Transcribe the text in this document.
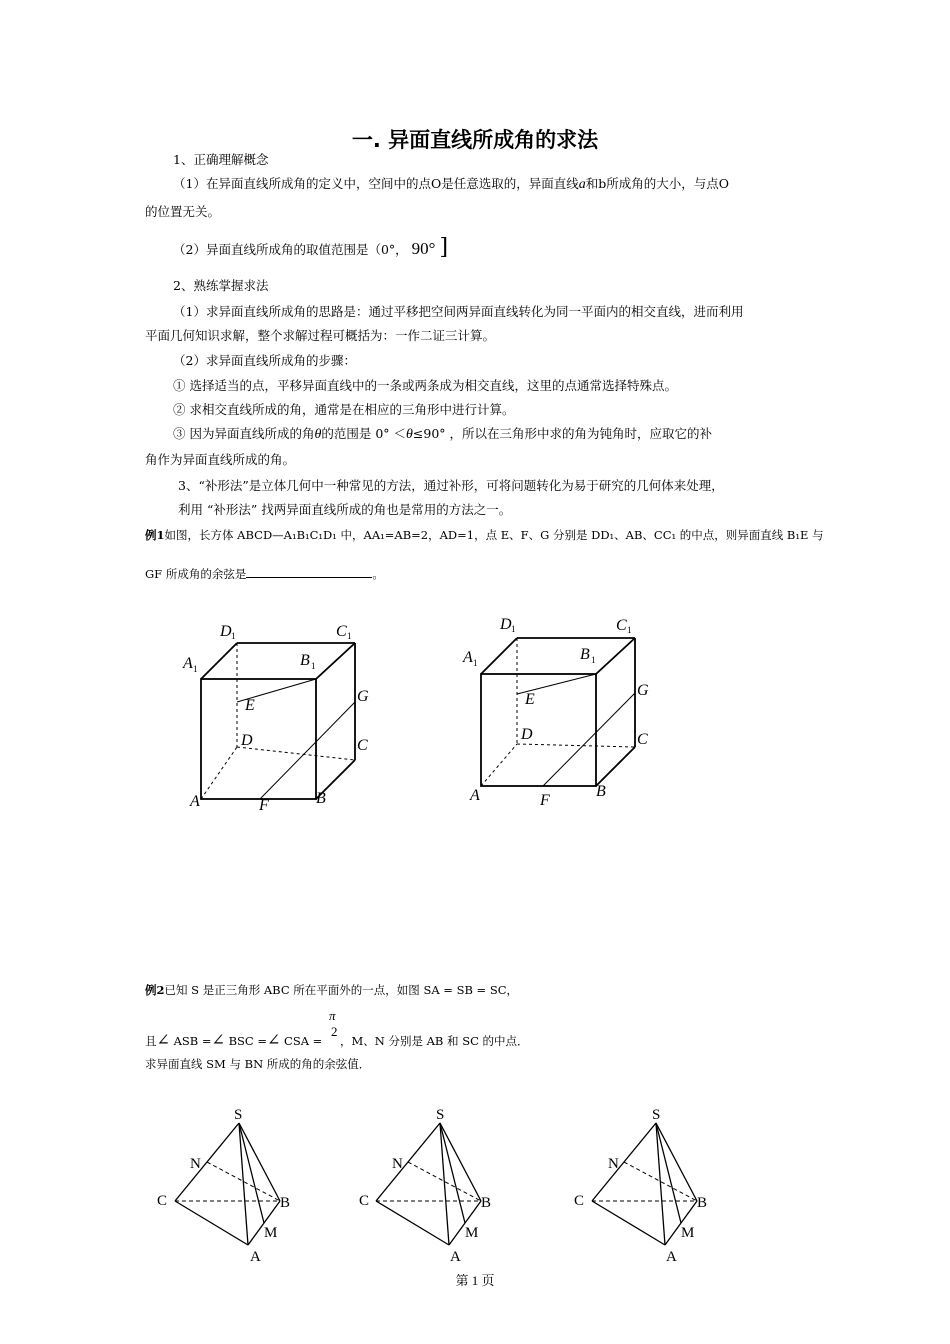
一. 异面直线所成角的求法
1、正确理解概念
（1）在异面直线所成角的定义中，空间中的点O是任意选取的，异面直线a和b所成角的大小，与点O
的位置无关。
（2）异面直线所成角的取值范围是（0°， 90° ]
2、熟练掌握求法
（1）求异面直线所成角的思路是：通过平移把空间两异面直线转化为同一平面内的相交直线，进而利用
平面几何知识求解，整个求解过程可概括为：一作二证三计算。
（2）求异面直线所成角的步骤：
① 选择适当的点，平移异面直线中的一条或两条成为相交直线，这里的点通常选择特殊点。
② 求相交直线所成的角，通常是在相应的三角形中进行计算。
③ 因为异面直线所成的角θ的范围是 0° ＜θ≤90° ，所以在三角形中求的角为钝角时，应取它的补
角作为异面直线所成的角。
3、“补形法”是立体几何中一种常见的方法，通过补形，可将问题转化为易于研究的几何体来处理，
利用 “补形法” 找两异面直线所成的角也是常用的方法之一。
例1如图，长方体 ABCD—A₁B₁C₁D₁ 中，AA₁=AB=2，AD=1，点 E、F、G 分别是 DD₁、AB、CC₁ 的中点，则异面直线 B₁E 与
GF 所成角的余弦是	。
D 1	C 1
A 1	B 1
E
G
D	C
A	B
F
D 1	C 1
A 1	B 1
E
G
D	C
A	B
F
例2已知 S 是正三角形 ABC 所在平面外的一点，如图 SA = SB = SC，
且∠ ASB =∠ BSC =∠ CSA = ，M、N 分别是 AB 和 SC 的中点．
π
2
求异面直线 SM 与 BN 所成的角的余弦值．
S
N
C	B
M
A
S
N
C	B
M
A
S
N
C	B
M
A
第 1 页
